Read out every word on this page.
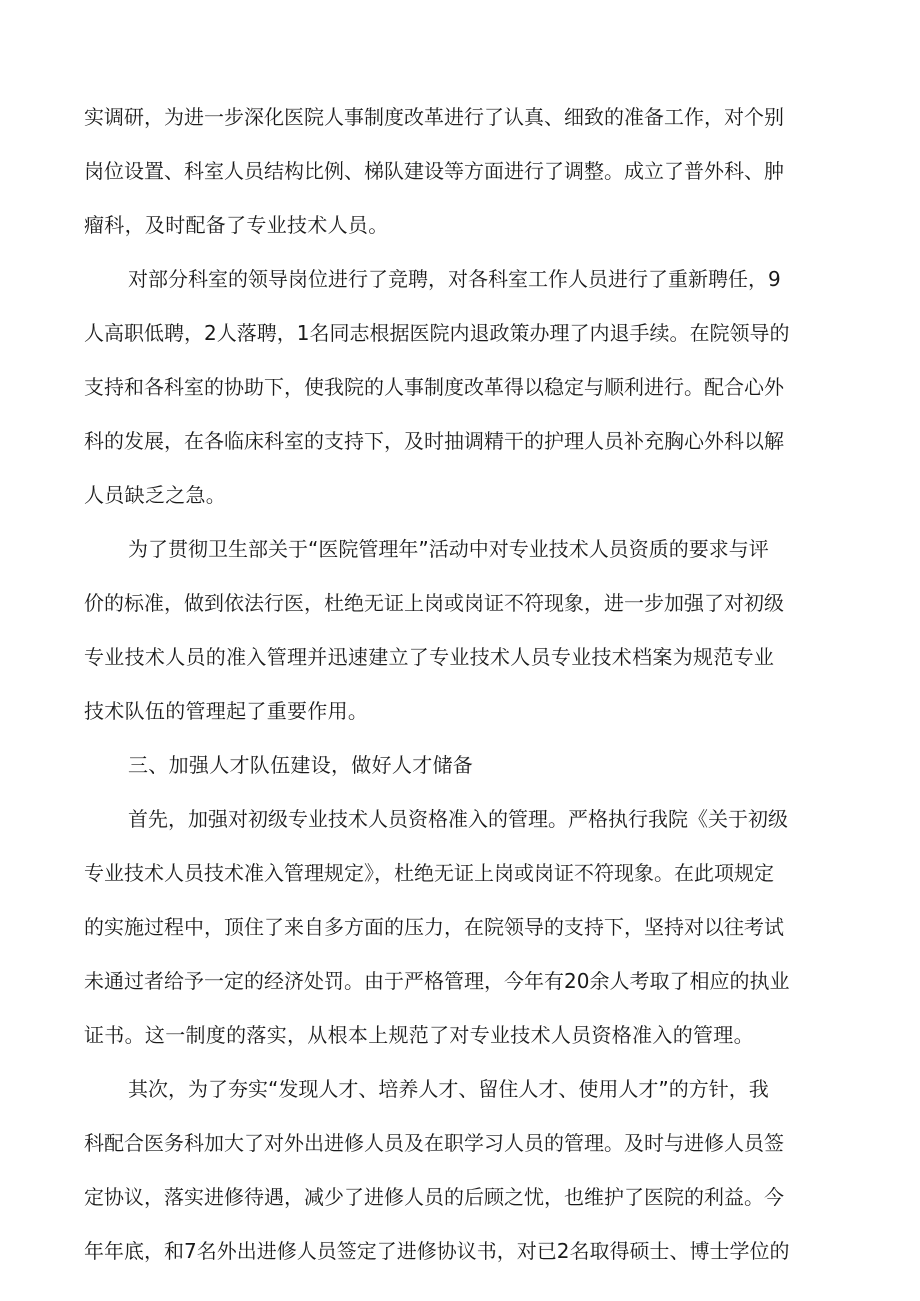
实调研，为进一步深化医院人事制度改革进行了认真、细致的准备工作，对个别
岗位设置、科室人员结构比例、梯队建设等方面进行了调整。成立了普外科、肿
瘤科，及时配备了专业技术人员。
对部分科室的领导岗位进行了竞聘，对各科室工作人员进行了重新聘任，9
人高职低聘，2人落聘，1名同志根据医院内退政策办理了内退手续。在院领导的
支持和各科室的协助下，使我院的人事制度改革得以稳定与顺利进行。配合心外
科的发展，在各临床科室的支持下，及时抽调精干的护理人员补充胸心外科以解
人员缺乏之急。
为了贯彻卫生部关于“医院管理年”活动中对专业技术人员资质的要求与评
价的标准，做到依法行医，杜绝无证上岗或岗证不符现象，进一步加强了对初级
专业技术人员的准入管理并迅速建立了专业技术人员专业技术档案为规范专业
技术队伍的管理起了重要作用。
三、加强人才队伍建设，做好人才储备
首先，加强对初级专业技术人员资格准入的管理。严格执行我院《关于初级
专业技术人员技术准入管理规定》，杜绝无证上岗或岗证不符现象。在此项规定
的实施过程中，顶住了来自多方面的压力，在院领导的支持下，坚持对以往考试
未通过者给予一定的经济处罚。由于严格管理，今年有20余人考取了相应的执业
证书。这一制度的落实，从根本上规范了对专业技术人员资格准入的管理。
其次，为了夯实“发现人才、培养人才、留住人才、使用人才”的方针，我
科配合医务科加大了对外出进修人员及在职学习人员的管理。及时与进修人员签
定协议，落实进修待遇，减少了进修人员的后顾之忧，也维护了医院的利益。今
年年底，和7名外出进修人员签定了进修协议书，对已2名取得硕士、博士学位的
